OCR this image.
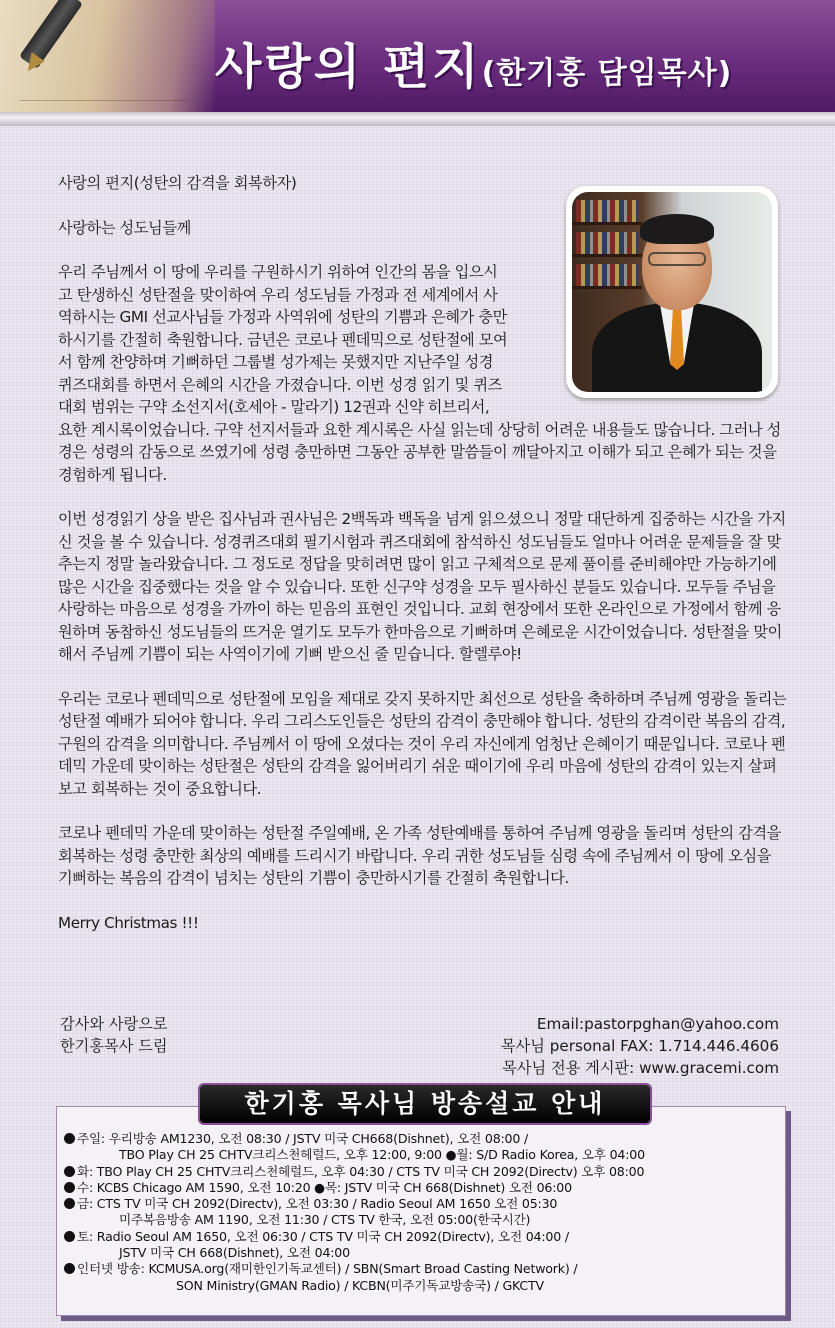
사랑의 편지(한기홍 담임목사)

사랑의 편지(성탄의 감격을 회복하자)

사랑하는 성도님들께

우리 주님께서 이 땅에 우리를 구원하시기 위하여 인간의 몸을 입으시
고 탄생하신 성탄절을 맞이하여 우리 성도님들 가정과 전 세계에서 사
역하시는 GMI 선교사님들 가정과 사역위에 성탄의 기쁨과 은혜가 충만
하시기를 간절히 축원합니다. 금년은 코로나 펜데믹으로 성탄절에 모여
서 함께 찬양하며 기뻐하던 그룹별 성가제는 못했지만 지난주일 성경
퀴즈대회를 하면서 은혜의 시간을 가졌습니다. 이번 성경 읽기 및 퀴즈
대회 범위는 구약 소선지서(호세아 - 말라기) 12권과 신약 히브리서,

요한 계시록이었습니다. 구약 선지서들과 요한 계시록은 사실 읽는데 상당히 어려운 내용들도 많습니다. 그러나 성경은 성령의 감동으로 쓰였기에 성령 충만하면 그동안 공부한 말씀들이 깨달아지고 이해가 되고 은혜가 되는 것을 경험하게 됩니다.

이번 성경읽기 상을 받은 집사님과 권사님은 2백독과 백독을 넘게 읽으셨으니 정말 대단하게 집중하는 시간을 가지신 것을 볼 수 있습니다. 성경퀴즈대회 필기시험과 퀴즈대회에 참석하신 성도님들도 얼마나 어려운 문제들을 잘 맞추는지 정말 놀라왔습니다. 그 정도로 정답을 맞히려면 많이 읽고 구체적으로 문제 풀이를 준비해야만 가능하기에 많은 시간을 집중했다는 것을 알 수 있습니다. 또한 신구약 성경을 모두 필사하신 분들도 있습니다. 모두들 주님을 사랑하는 마음으로 성경을 가까이 하는 믿음의 표현인 것입니다. 교회 현장에서 또한 온라인으로 가정에서 함께 응원하며 동참하신 성도님들의 뜨거운 열기도 모두가 한마음으로 기뻐하며 은혜로운 시간이었습니다. 성탄절을 맞이해서 주님께 기쁨이 되는 사역이기에 기뻐 받으신 줄 믿습니다. 할렐루야!

우리는 코로나 펜데믹으로 성탄절에 모임을 제대로 갖지 못하지만 최선으로 성탄을 축하하며 주님께 영광을 돌리는 성탄절 예배가 되어야 합니다. 우리 그리스도인들은 성탄의 감격이 충만해야 합니다. 성탄의 감격이란 복음의 감격, 구원의 감격을 의미합니다. 주님께서 이 땅에 오셨다는 것이 우리 자신에게 엄청난 은혜이기 때문입니다. 코로나 펜데믹 가운데 맞이하는 성탄절은 성탄의 감격을 잃어버리기 쉬운 때이기에 우리 마음에 성탄의 감격이 있는지 살펴보고 회복하는 것이 중요합니다.

코로나 펜데믹 가운데 맞이하는 성탄절 주일예배, 온 가족 성탄예배를 통하여 주님께 영광을 돌리며 성탄의 감격을 회복하는 성령 충만한 최상의 예배를 드리시기 바랍니다. 우리 귀한 성도님들 심령 속에 주님께서 이 땅에 오심을 기뻐하는 복음의 감격이 넘치는 성탄의 기쁨이 충만하시기를 간절히 축원합니다.

Merry Christmas !!!

감사와 사랑으로
한기홍목사 드림
Email:pastorpghan@yahoo.com
목사님 personal FAX: 1.714.446.4606
목사님 전용 게시판: www.gracemi.com
한기홍 목사님 방송설교 안내
주일: 우리방송 AM1230, 오전 08:30 / JSTV 미국 CH668(Dishnet), 오전 08:00 /
TBO Play CH 25 CHTV크리스천헤럴드, 오후 12:00, 9:00 ●월: S/D Radio Korea, 오후 04:00
화: TBO Play CH 25 CHTV크리스천헤럴드, 오후 04:30 / CTS TV 미국 CH 2092(Directv) 오후 08:00
수: KCBS Chicago AM 1590, 오전 10:20 ●목: JSTV 미국 CH 668(Dishnet) 오전 06:00
금: CTS TV 미국 CH 2092(Directv), 오전 03:30 / Radio Seoul AM 1650 오전 05:30
미주복음방송 AM 1190, 오전 11:30 / CTS TV 한국, 오전 05:00(한국시간)
토: Radio Seoul AM 1650, 오전 06:30 / CTS TV 미국 CH 2092(Directv), 오전 04:00 /
JSTV 미국 CH 668(Dishnet), 오전 04:00
인터넷 방송: KCMUSA.org(재미한인기독교센터) / SBN(Smart Broad Casting Network) /
SON Ministry(GMAN Radio) / KCBN(미주기독교방송국) / GKCTV
